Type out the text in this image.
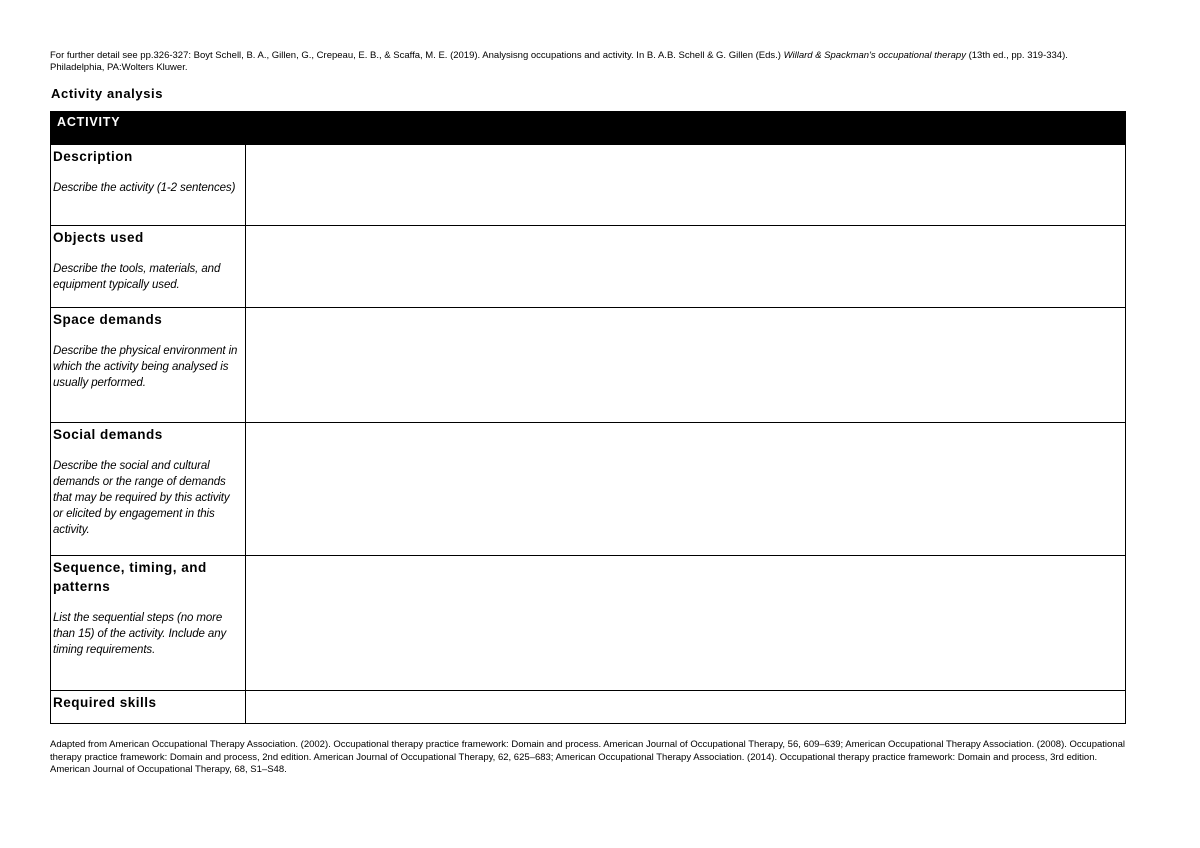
For further detail see pp.326-327: Boyt Schell, B. A., Gillen, G., Crepeau, E. B., & Scaffa, M. E. (2019). Analysisng occupations and activity. In B. A.B. Schell & G. Gillen (Eds.) Willard & Spackman's occupational therapy (13th ed., pp. 319-334). Philadelphia, PA:Wolters Kluwer.

Activity analysis
ACTIVITY	

Description
Describe the activity (1-2 sentences)	

Objects used
Describe the tools, materials, and equipment typically used.	

Space demands
Describe the physical environment in which the activity being analysed is usually performed.	

Social demands
Describe the social and cultural demands or the range of demands that may be required by this activity or elicited by engagement in this activity.	

Sequence, timing, and patterns
List the sequential steps (no more than 15) of the activity. Include any timing requirements.	

Required skills	

Adapted from American Occupational Therapy Association. (2002). Occupational therapy practice framework: Domain and process. American Journal of Occupational Therapy, 56, 609–639; American Occupational Therapy Association. (2008). Occupational therapy practice framework: Domain and process, 2nd edition. American Journal of Occupational Therapy, 62, 625–683; American Occupational Therapy Association. (2014). Occupational therapy practice framework: Domain and process, 3rd edition. American Journal of Occupational Therapy, 68, S1–S48.
